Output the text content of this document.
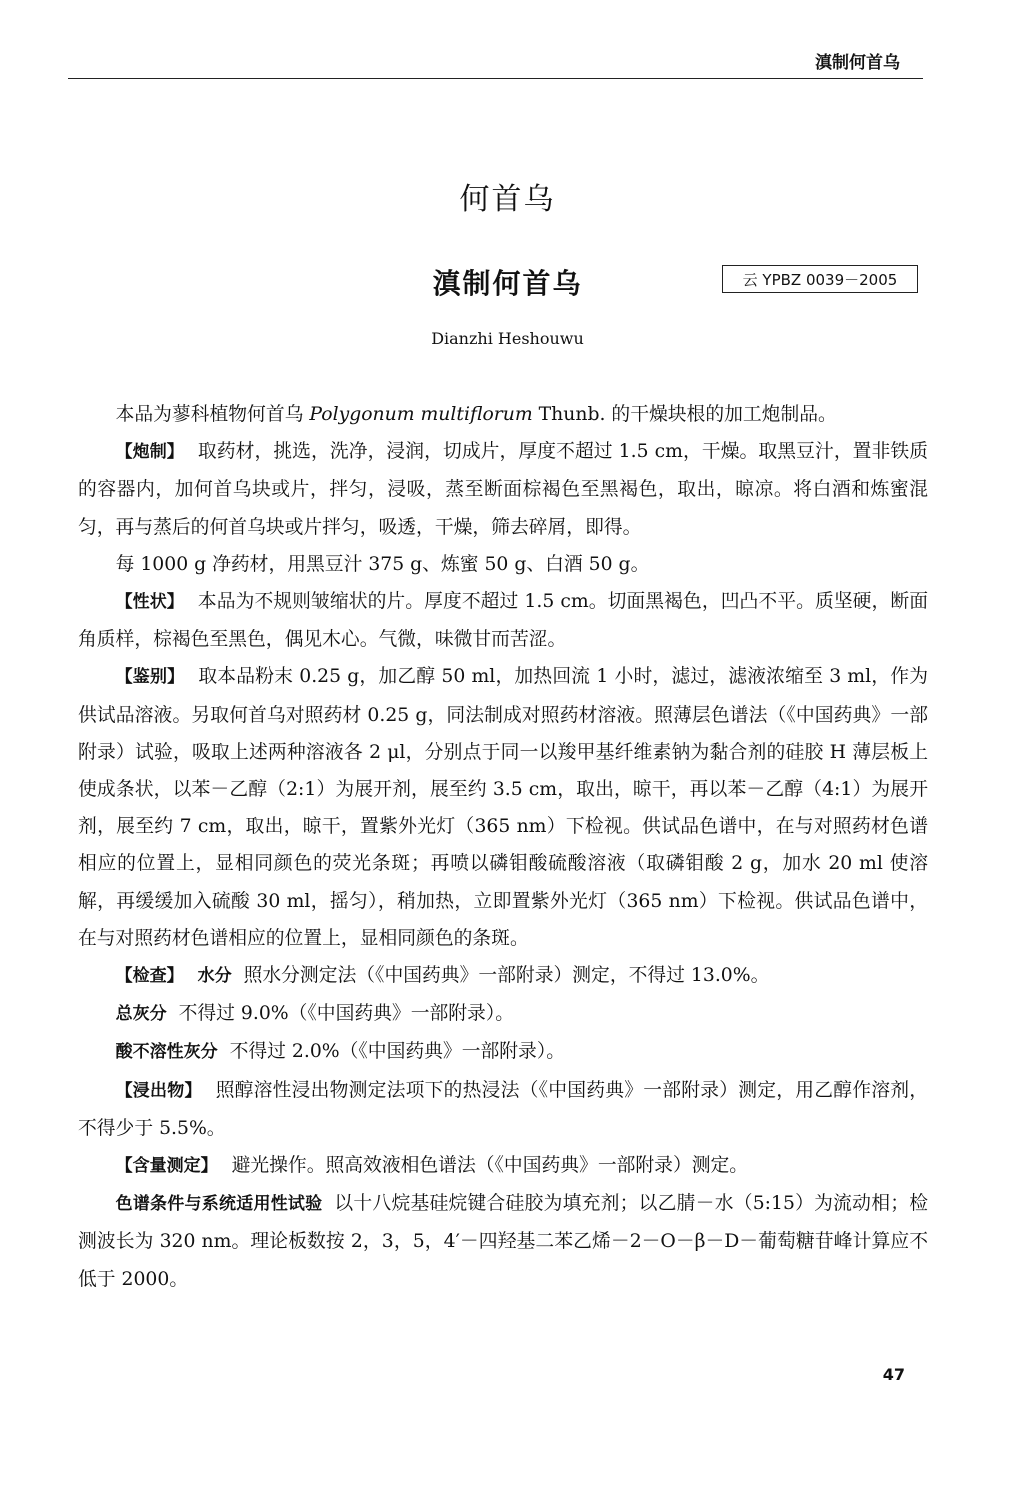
滇制何首乌
何首乌
滇制何首乌	云 YPBZ 0039－2005
Dianzhi Heshouwu

本品为蓼科植物何首乌 Polygonum multiflorum Thunb. 的干燥块根的加工炮制品。

【炮制】 取药材，挑选，洗净，浸润，切成片，厚度不超过 1.5 cm，干燥。取黑豆汁，置非铁质的容器内，加何首乌块或片，拌匀，浸吸，蒸至断面棕褐色至黑褐色，取出，晾凉。将白酒和炼蜜混匀，再与蒸后的何首乌块或片拌匀，吸透，干燥，筛去碎屑，即得。

每 1000 g 净药材，用黑豆汁 375 g、炼蜜 50 g、白酒 50 g。

【性状】 本品为不规则皱缩状的片。厚度不超过 1.5 cm。切面黑褐色，凹凸不平。质坚硬，断面角质样，棕褐色至黑色，偶见木心。气微，味微甘而苦涩。

【鉴别】 取本品粉末 0.25 g，加乙醇 50 ml，加热回流 1 小时，滤过，滤液浓缩至 3 ml，作为供试品溶液。另取何首乌对照药材 0.25 g，同法制成对照药材溶液。照薄层色谱法（《中国药典》一部附录）试验，吸取上述两种溶液各 2 μl，分别点于同一以羧甲基纤维素钠为黏合剂的硅胶 H 薄层板上使成条状，以苯－乙醇（2:1）为展开剂，展至约 3.5 cm，取出，晾干，再以苯－乙醇（4:1）为展开剂，展至约 7 cm，取出，晾干，置紫外光灯（365 nm）下检视。供试品色谱中，在与对照药材色谱相应的位置上，显相同颜色的荧光条斑；再喷以磷钼酸硫酸溶液（取磷钼酸 2 g，加水 20 ml 使溶解，再缓缓加入硫酸 30 ml，摇匀），稍加热，立即置紫外光灯（365 nm）下检视。供试品色谱中，在与对照药材色谱相应的位置上，显相同颜色的条斑。

【检查】 水分 照水分测定法（《中国药典》一部附录）测定，不得过 13.0%。

总灰分 不得过 9.0%（《中国药典》一部附录）。

酸不溶性灰分 不得过 2.0%（《中国药典》一部附录）。

【浸出物】 照醇溶性浸出物测定法项下的热浸法（《中国药典》一部附录）测定，用乙醇作溶剂，不得少于 5.5%。

【含量测定】 避光操作。照高效液相色谱法（《中国药典》一部附录）测定。

色谱条件与系统适用性试验 以十八烷基硅烷键合硅胶为填充剂；以乙腈－水（5:15）为流动相；检测波长为 320 nm。理论板数按 2，3，5，4′－四羟基二苯乙烯－2－O－β－D－葡萄糖苷峰计算应不低于 2000。

47
